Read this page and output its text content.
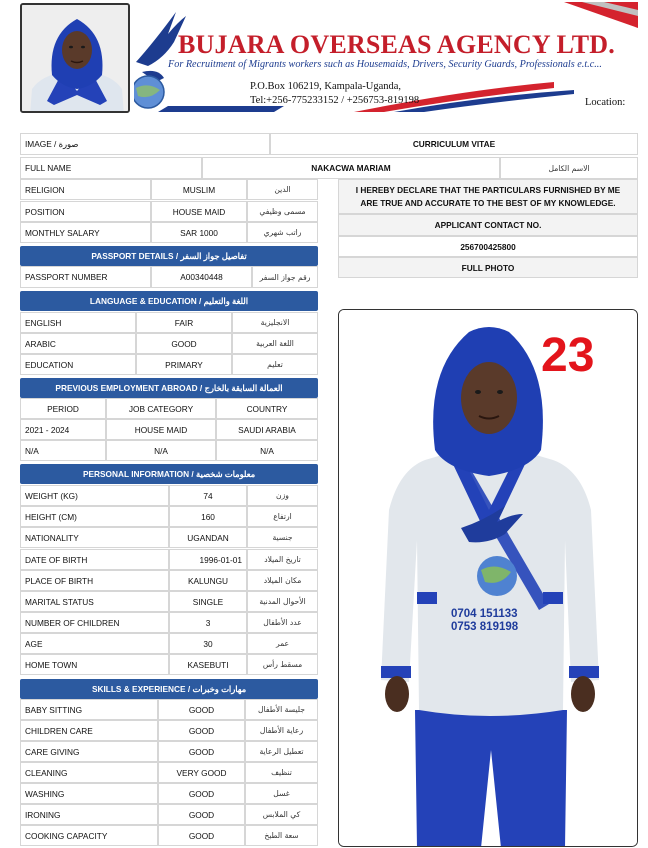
BUJARA OVERSEAS AGENCY LTD.
For Recruitment of Migrants workers such as Housemaids, Drivers, Security Guards, Professionals e.t.c...
P.O.Box 106219, Kampala-Uganda,
Tel:+256-775233152 / +256753-819198	Location:
IMAGE / صورة	CURRICULUM VITAE
FULL NAME	NAKACWA MARIAM	الاسم الكامل
RELIGION	MUSLIM	الدين
POSITION	HOUSE MAID	مسمى وظيفي
MONTHLY SALARY	SAR 1000	راتب شهري
I HEREBY DECLARE THAT THE PARTICULARS FURNISHED BY ME ARE TRUE AND ACCURATE TO THE BEST OF MY KNOWLEDGE.
APPLICANT CONTACT NO.
256700425800
FULL PHOTO
PASSPORT DETAILS / تفاصيل جواز السفر
PASSPORT NUMBER	A00340448	رقم جواز السفر
LANGUAGE & EDUCATION / اللغة والتعليم
ENGLISH	FAIR	الانجليزية
ARABIC	GOOD	اللغة العربية
EDUCATION	PRIMARY	تعليم
PREVIOUS EMPLOYMENT ABROAD / العمالة السابقة بالخارج
PERIOD	JOB CATEGORY	COUNTRY
2021 - 2024	HOUSE MAID	SAUDI ARABIA
N/A	N/A	N/A
PERSONAL INFORMATION / معلومات شخصية
WEIGHT (KG)	74	وزن
HEIGHT (CM)	160	ارتفاع
NATIONALITY	UGANDAN	جنسية
DATE OF BIRTH	1996-01-01	تاريخ الميلاد
PLACE OF BIRTH	KALUNGU	مكان الميلاد
MARITAL STATUS	SINGLE	الأحوال المدنية
NUMBER OF CHILDREN	3	عدد الأطفال
AGE	30	عمر
HOME TOWN	KASEBUTI	مسقط رأس
SKILLS & EXPERIENCE / مهارات وخبرات
BABY SITTING	GOOD	جليسة الأطفال
CHILDREN CARE	GOOD	رعاية الأطفال
CARE GIVING	GOOD	تعطيل الرعاية
CLEANING	VERY GOOD	تنظيف
WASHING	GOOD	غسل
IRONING	GOOD	كي الملابس
COOKING CAPACITY	GOOD	سعة الطبخ
23
0704 151133
0753 819198
